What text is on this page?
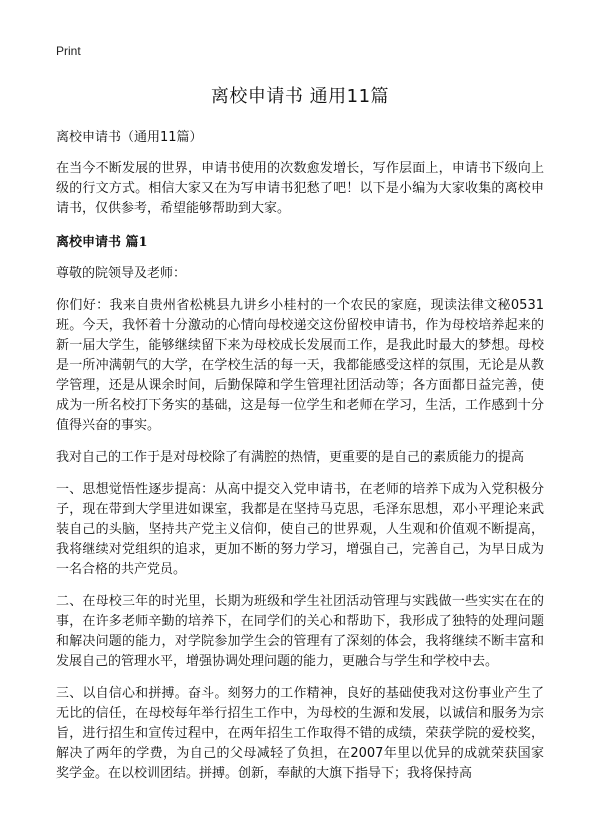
Print
离校申请书 通用11篇

离校申请书（通用11篇）

在当今不断发展的世界，申请书使用的次数愈发增长，写作层面上，申请书下级向上级的行文方式。相信大家又在为写申请书犯愁了吧！以下是小编为大家收集的离校申请书，仅供参考，希望能够帮助到大家。

离校申请书 篇1

尊敬的院领导及老师：

你们好：我来自贵州省松桃县九讲乡小桂村的一个农民的家庭，现读法律文秘0531班。今天，我怀着十分激动的心情向母校递交这份留校申请书，作为母校培养起来的新一届大学生，能够继续留下来为母校成长发展而工作，是我此时最大的梦想。母校是一所冲满朝气的大学，在学校生活的每一天，我都能感受这样的氛围，无论是从教学管理，还是从课余时间，后勤保障和学生管理社团活动等；各方面都日益完善，使成为一所名校打下务实的基础，这是每一位学生和老师在学习，生活，工作感到十分值得兴奋的事实。

我对自己的工作于是对母校除了有满腔的热情，更重要的是自己的素质能力的提高

一、思想觉悟性逐步提高：从高中提交入党申请书，在老师的培养下成为入党积极分子，现在带到大学里进如课室，我都是在坚持马克思，毛泽东思想，邓小平理论来武装自己的头脑，坚持共产党主义信仰，使自己的世界观，人生观和价值观不断提高，我将继续对党组织的追求，更加不断的努力学习，增强自己，完善自己，为早日成为一名合格的共产党员。

二、在母校三年的时光里，长期为班级和学生社团活动管理与实践做一些实实在在的事，在许多老师辛勤的培养下，在同学们的关心和帮助下，我形成了独特的处理问题和解决问题的能力，对学院参加学生会的管理有了深刻的体会，我将继续不断丰富和发展自己的管理水平，增强协调处理问题的能力，更融合与学生和学校中去。

三、以自信心和拼搏。奋斗。刻努力的工作精神，良好的基础使我对这份事业产生了无比的信任，在母校每年举行招生工作中，为母校的生源和发展，以诚信和服务为宗旨，进行招生和宣传过程中，在两年招生工作取得不错的成绩，荣获学院的爱校奖，解决了两年的学费，为自己的父母减轻了负担，在2007年里以优异的成就荣获国家奖学金。在以校训团结。拼搏。创新，奉献的大旗下指导下；我将保持高
